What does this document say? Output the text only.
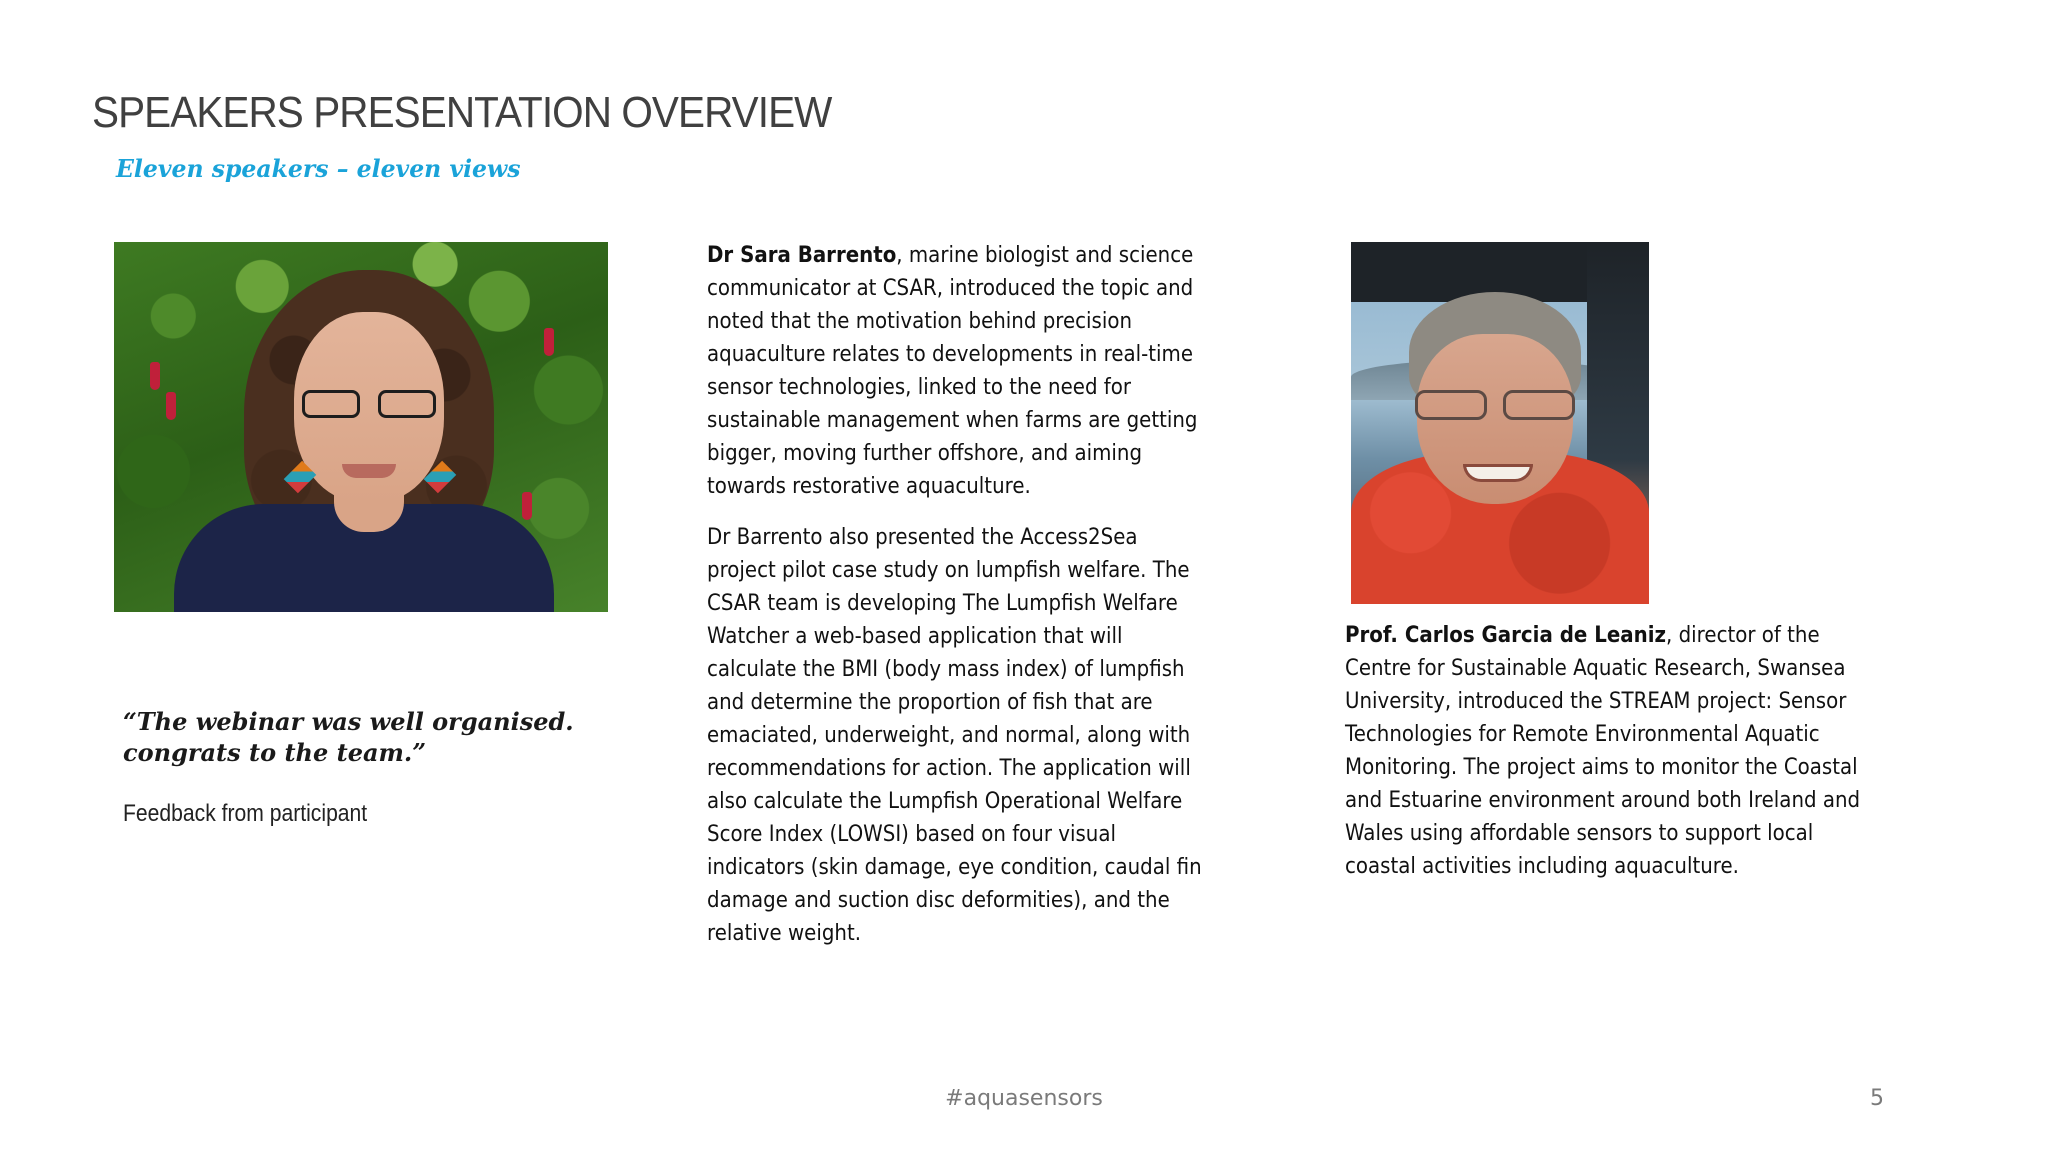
SPEAKERS PRESENTATION OVERVIEW
Eleven speakers – eleven views

“The webinar was well organised.
congrats to the team.”

Feedback from participant

Dr Sara Barrento, marine biologist and science communicator at CSAR, introduced the topic and noted that the motivation behind precision aquaculture relates to developments in real-time sensor technologies, linked to the need for sustainable management when farms are getting bigger, moving further offshore, and aiming towards restorative aquaculture.

Dr Barrento also presented the Access2Sea project pilot case study on lumpfish welfare. The CSAR team is developing The Lumpfish Welfare Watcher a web-based application that will calculate the BMI (body mass index) of lumpfish and determine the proportion of fish that are emaciated, underweight, and normal, along with recommendations for action. The application will also calculate the Lumpfish Operational Welfare Score Index (LOWSI) based on four visual indicators (skin damage, eye condition, caudal fin damage and suction disc deformities), and the relative weight.

Prof. Carlos Garcia de Leaniz, director of the Centre for Sustainable Aquatic Research, Swansea University, introduced the STREAM project: Sensor Technologies for Remote Environmental Aquatic Monitoring. The project aims to monitor the Coastal and Estuarine environment around both Ireland and Wales using affordable sensors to support local coastal activities including aquaculture.

#aquasensors	5
